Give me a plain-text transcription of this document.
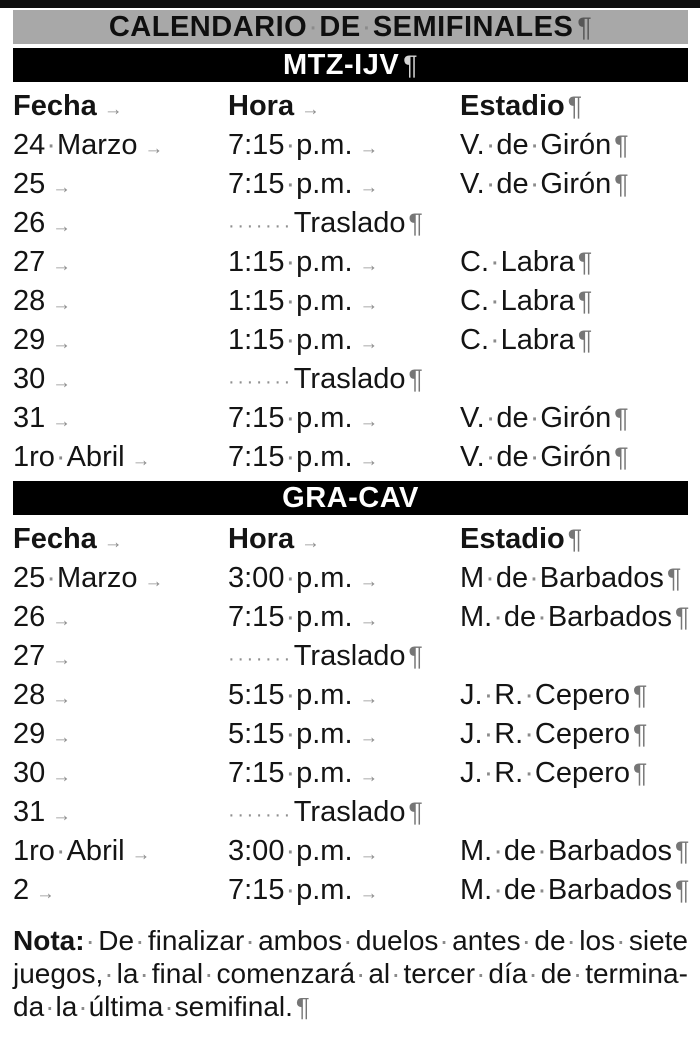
CALENDARIO·DE·SEMIFINALES ¶
MTZ-IJV ¶
Fecha →	Hora →	Estadio ¶
24·Marzo →	7:15·p.m. →	V.·de·Girón ¶
25 →	7:15·p.m. →	V.·de·Girón ¶
26 →	·······Traslado ¶
27 →	1:15·p.m. →	C.·Labra ¶
28 →	1:15·p.m. →	C.·Labra ¶
29 →	1:15·p.m. →	C.·Labra ¶
30 →	·······Traslado ¶
31 →	7:15·p.m. →	V.·de·Girón ¶
1ro·Abril →	7:15·p.m. →	V.·de·Girón ¶
GRA-CAV
Fecha →	Hora →	Estadio ¶
25·Marzo →	3:00·p.m. →	M·de·Barbados ¶
26 →	7:15·p.m. →	M.·de·Barbados ¶
27 →	·······Traslado ¶
28 →	5:15·p.m. →	J.·R.·Cepero ¶
29 →	5:15·p.m. →	J.·R.·Cepero ¶
30 →	7:15·p.m. →	J.·R.·Cepero ¶
31 →	·······Traslado ¶
1ro·Abril →	3:00·p.m. →	M.·de·Barbados ¶
2 →	7:15·p.m. →	M.·de·Barbados ¶
Nota:· De· finalizar· ambos· duelos· antes· de· los· siete
juegos,· la· final· comenzará· al· tercer· día· de· termina-
da·la·última·semifinal. ¶
